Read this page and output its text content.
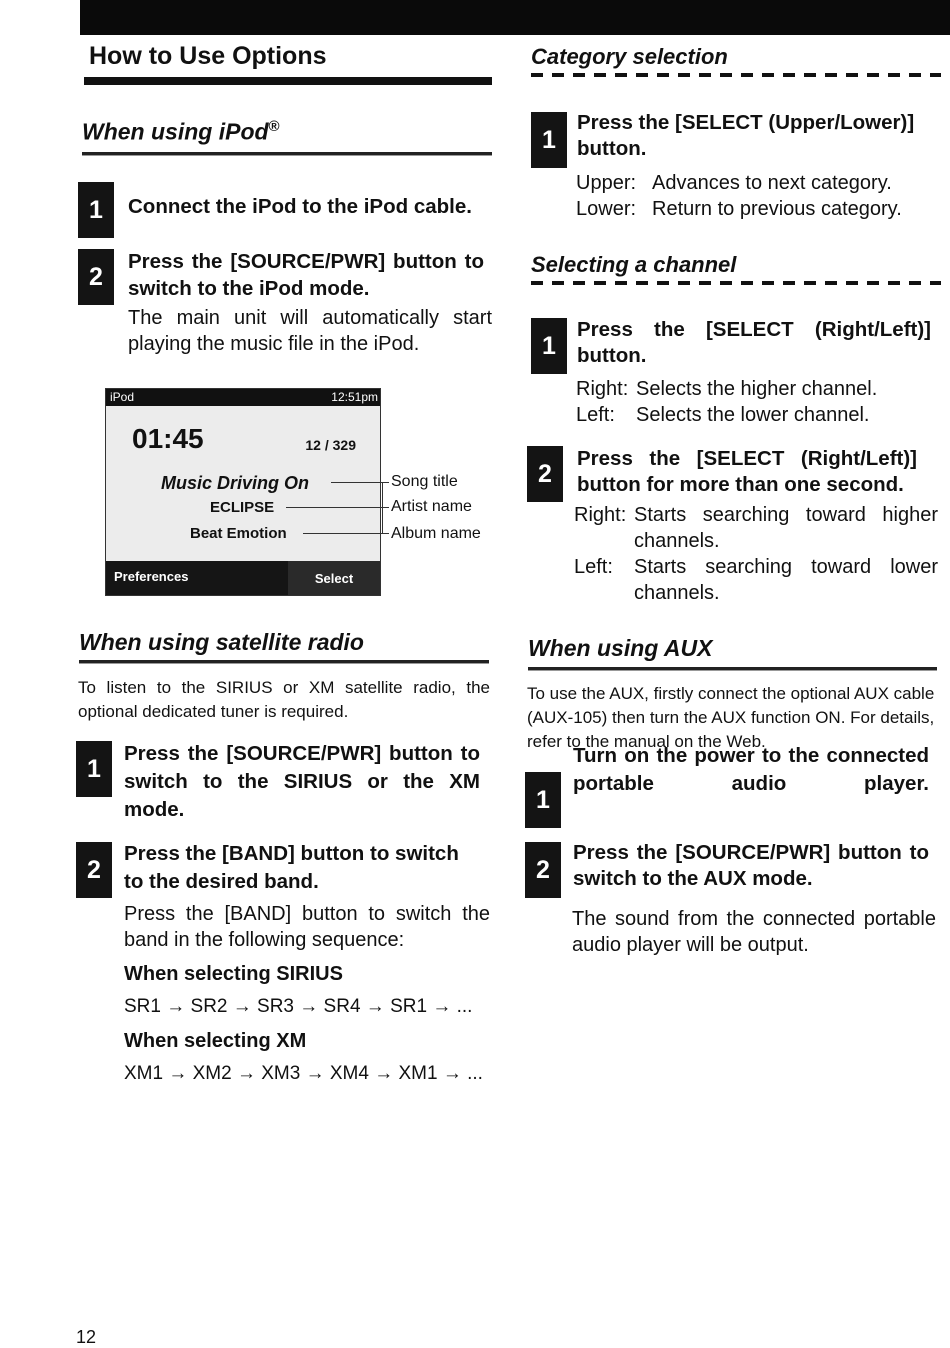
How to Use Options
When using iPod®
1	Connect the iPod to the iPod cable.
2
Press the [SOURCE/PWR] button to switch to the iPod mode.
The main unit will automatically start playing the music file in the iPod.
iPod	12:51pm
01:45	12 / 329
Music Driving On
ECLIPSE
Beat Emotion
Preferences	Select
Song title
Artist name
Album name
When using satellite radio
To listen to the SIRIUS or XM satellite radio, the optional dedicated tuner is required.
1
Press the [SOURCE/PWR] button to switch to the SIRIUS or the XM mode.
2
Press the [BAND] button to switch to the desired band.
Press the [BAND] button to switch the band in the following sequence:
When selecting SIRIUS
SR1 → SR2 → SR3 → SR4 → SR1 → ...
When selecting XM
XM1 → XM2 → XM3 → XM4 → XM1 → ...
Category selection
1
Press the [SELECT (Upper/Lower)] button.
Upper: Advances to next category.
Lower: Return to previous category.
Selecting a channel
1
Press the [SELECT (Right/Left)] button.
Right: Selects the higher channel.
Left: Selects the lower channel.
2
Press the [SELECT (Right/Left)] button for more than one second.
Right: Starts searching toward higher channels.
Left: Starts searching toward lower channels.
When using AUX
To use the AUX, firstly connect the optional AUX cable (AUX-105) then turn the AUX function ON. For details, refer to the manual on the Web.
1
Turn on the power to the connected portable audio player.
2
Press the [SOURCE/PWR] button to switch to the AUX mode.
The sound from the connected portable audio player will be output.
12
